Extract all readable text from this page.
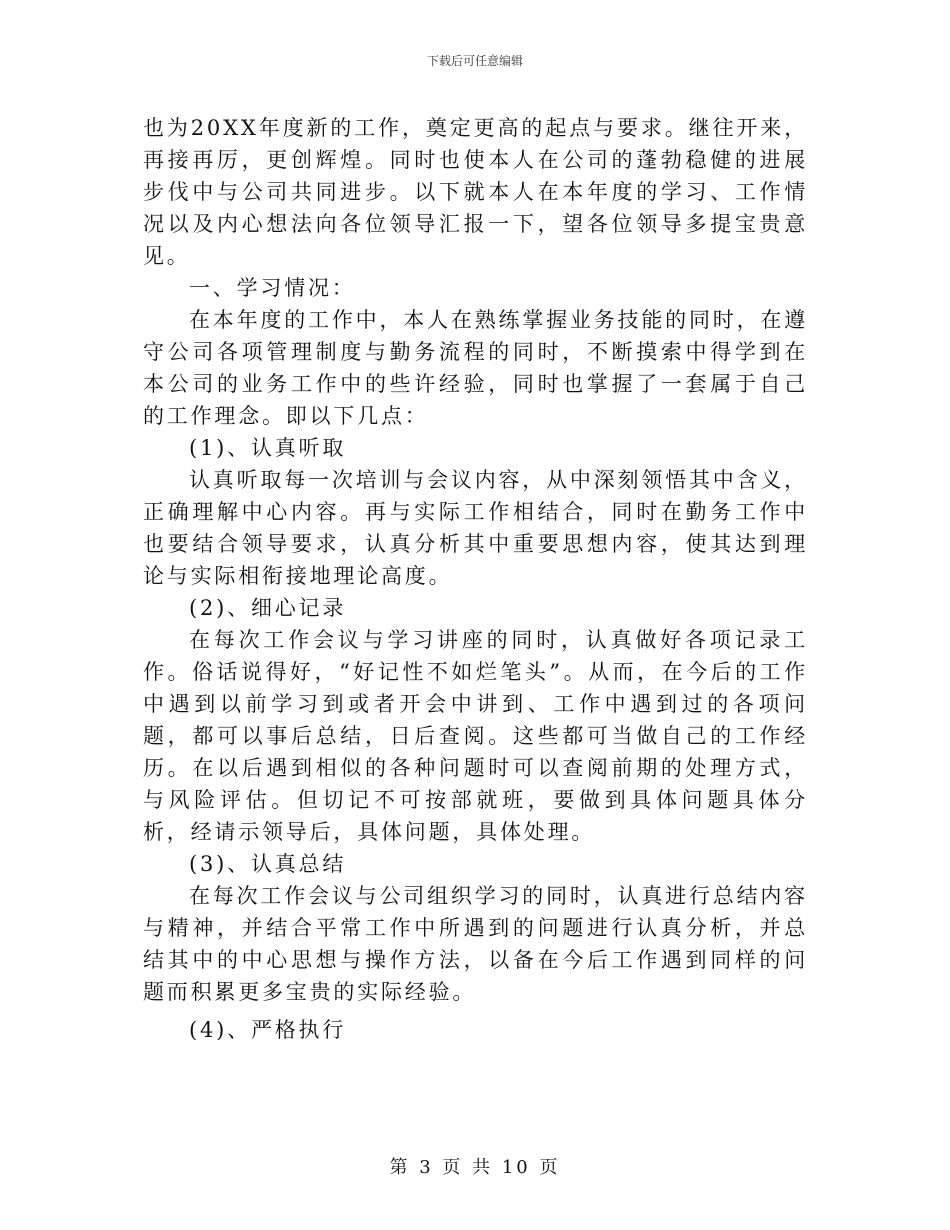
下载后可任意编辑

也为20XX年度新的工作，奠定更高的起点与要求。继往开来，再接再厉，更创辉煌。同时也使本人在公司的蓬勃稳健的进展步伐中与公司共同进步。以下就本人在本年度的学习、工作情况以及内心想法向各位领导汇报一下，望各位领导多提宝贵意见。

一、学习情况：

在本年度的工作中，本人在熟练掌握业务技能的同时，在遵守公司各项管理制度与勤务流程的同时，不断摸索中得学到在本公司的业务工作中的些许经验，同时也掌握了一套属于自己的工作理念。即以下几点：

(1)、认真听取

认真听取每一次培训与会议内容，从中深刻领悟其中含义，正确理解中心内容。再与实际工作相结合，同时在勤务工作中也要结合领导要求，认真分析其中重要思想内容，使其达到理论与实际相衔接地理论高度。

(2)、细心记录

在每次工作会议与学习讲座的同时，认真做好各项记录工作。俗话说得好，“好记性不如烂笔头”。从而，在今后的工作中遇到以前学习到或者开会中讲到、工作中遇到过的各项问题，都可以事后总结，日后查阅。这些都可当做自己的工作经历。在以后遇到相似的各种问题时可以查阅前期的处理方式，与风险评估。但切记不可按部就班，要做到具体问题具体分析，经请示领导后，具体问题，具体处理。

(3)、认真总结

在每次工作会议与公司组织学习的同时，认真进行总结内容与精神，并结合平常工作中所遇到的问题进行认真分析，并总结其中的中心思想与操作方法，以备在今后工作遇到同样的问题而积累更多宝贵的实际经验。

(4)、严格执行

第 3 页 共 10 页
